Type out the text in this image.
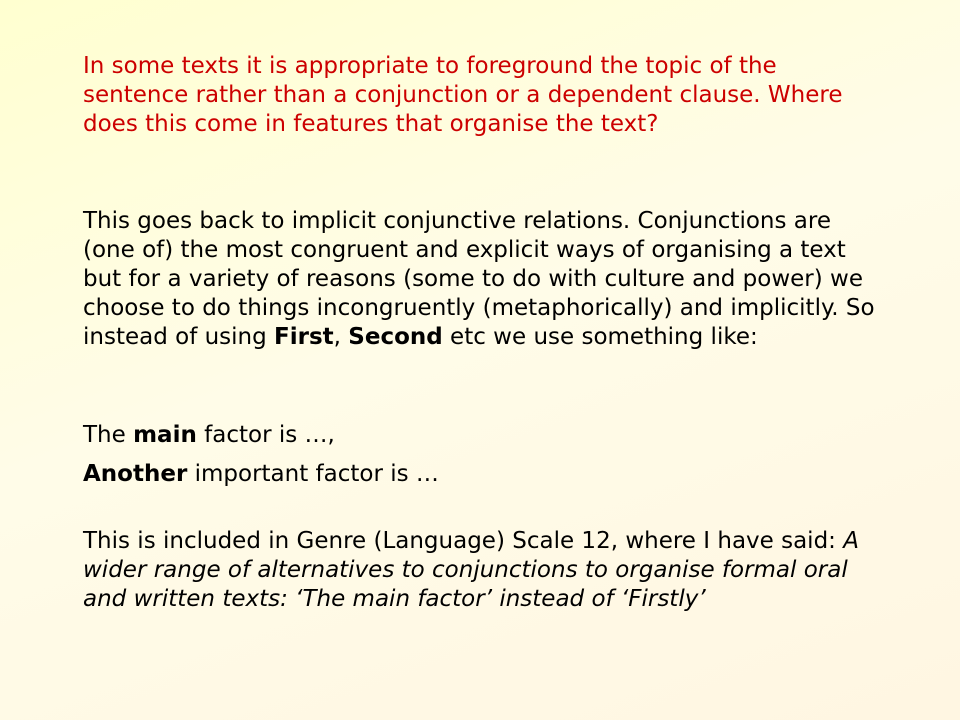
In some texts it is appropriate to foreground the topic of the sentence rather than a conjunction or a dependent clause. Where does this come in features that organise the text?

This goes back to implicit conjunctive relations. Conjunctions are (one of) the most congruent and explicit ways of organising a text but for a variety of reasons (some to do with culture and power) we choose to do things incongruently (metaphorically) and implicitly. So instead of using First, Second etc we use something like:

The main factor is …,

Another important factor is …

This is included in Genre (Language) Scale 12, where I have said: A wider range of alternatives to conjunctions to organise formal oral and written texts: ‘The main factor’ instead of ‘Firstly’
